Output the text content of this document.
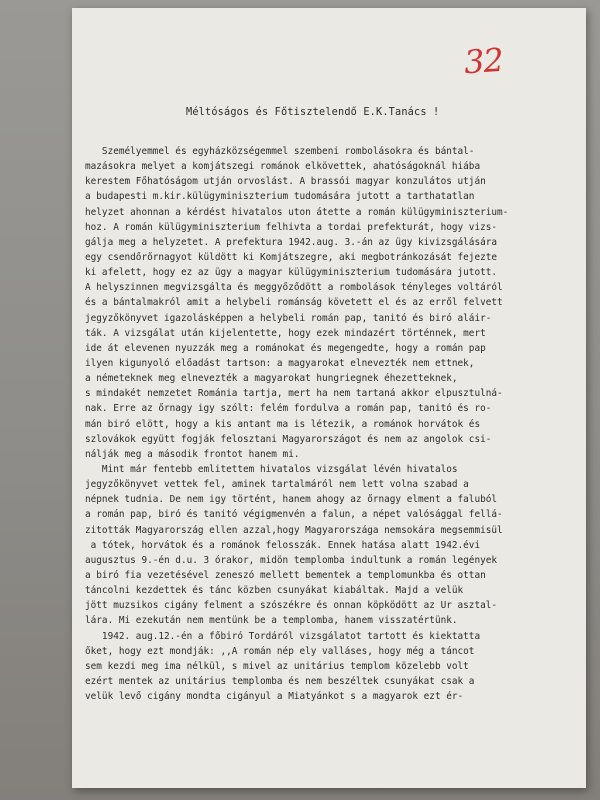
32
Méltóságos és Főtisztelendő E.K.Tanács !
Személyemmel és egyházközségemmel szembeni rombolásokra és bántal-
mazásokra melyet a komjátszegi románok elkövettek, ahatóságoknál hiába
kerestem Főhatóságom utján orvoslást. A brassói magyar konzulátos utján
a budapesti m.kir.külügyminiszterium tudomására jutott a tarthatatlan
helyzet ahonnan a kérdést hivatalos uton átette a román külügyminiszterium-
hoz. A román külügyminiszterium felhivta a tordai prefekturát, hogy vizs-
gálja meg a helyzetet. A prefektura 1942.aug. 3.-án az ügy kivizsgálására
egy csendőrőrnagyot küldött ki Komjátszegre, aki megbotránkozását fejezte
ki afelett, hogy ez az ügy a magyar külügyminiszterium tudomására jutott.
A helyszinnen megvizsgálta és meggyőződött a rombolások tényleges voltáról
és a bántalmakról amit a helybeli románság követett el és az erről felvett
jegyzőkönyvet igazolásképpen a helybeli román pap, tanitó és biró aláir-
ták. A vizsgálat után kijelentette, hogy ezek mindazért történnek, mert
ide át elevenen nyuzzák meg a románokat és megengedte, hogy a román pap
ilyen kigunyoló előadást tartson: a magyarokat elnevezték nem ettnek,
a németeknek meg elnevezték a magyarokat hungriegnek éhezetteknek,
s mindakét nemzetet Románia tartja, mert ha nem tartaná akkor elpusztulná-
nak. Erre az őrnagy igy szólt: felém fordulva a román pap, tanitó és ro-
mán biró elött, hogy a kis antant ma is létezik, a románok horvátok és
szlovákok együtt fogják felosztani Magyarországot és nem az angolok csi-
nálják meg a második frontot hanem mi.
Mint már fentebb emlitettem hivatalos vizsgálat lévén hivatalos
jegyzőkönyvet vettek fel, aminek tartalmáról nem lett volna szabad a
népnek tudnia. De nem igy történt, hanem ahogy az őrnagy elment a faluból
a román pap, biró és tanitó végigmenvén a falun, a népet valósággal fellá-
zitották Magyarország ellen azzal,hogy Magyarországa nemsokára megsemmisül
a tótek, horvátok és a románok felosszák. Ennek hatása alatt 1942.évi
augusztus 9.-én d.u. 3 órakor, midön templomba indultunk a román legények
a biró fia vezetésével zeneszó mellett bementek a templomunkba és ottan
táncolni kezdettek és tánc közben csunyákat kiabáltak. Majd a velük
jött muzsikos cigány felment a szószékre és onnan köpködött az Ur asztal-
lára. Mi ezekután nem mentünk be a templomba, hanem visszatértünk.
1942. aug.12.-én a főbiró Tordáról vizsgálatot tartott és kiektatta
őket, hogy ezt mondják: ,,A román nép ely valláses, hogy még a táncot
sem kezdi meg ima nélkül, s mivel az unitárius templom közelebb volt
ezért mentek az unitárius templomba és nem beszéltek csunyákat csak a
velük levő cigány mondta cigányul a Miatyánkot s a magyarok ezt ér-
